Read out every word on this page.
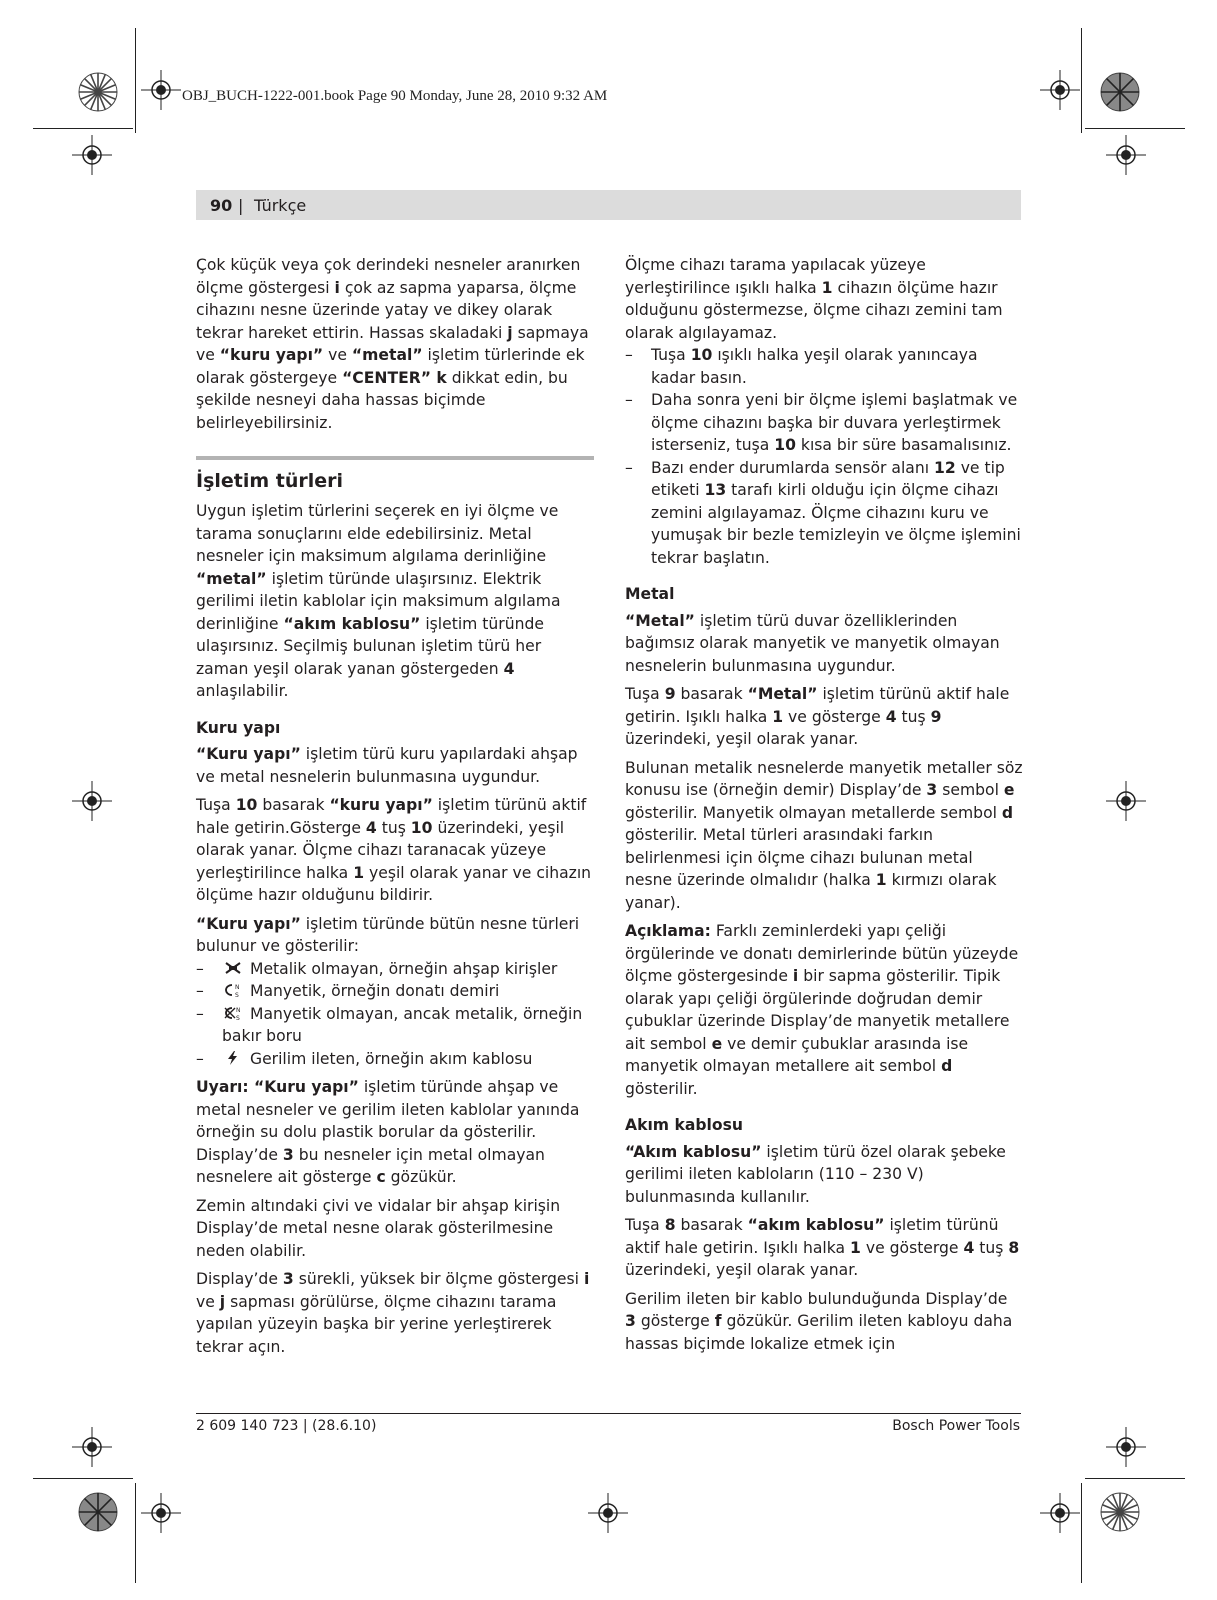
OBJ_BUCH-1222-001.book Page 90 Monday, June 28, 2010 9:32 AM
90 | Türkçe

Çok küçük veya çok derindeki nesneler aranırken ölçme göstergesi i çok az sapma yaparsa, ölçme cihazını nesne üzerinde yatay ve dikey olarak tekrar hareket ettirin. Hassas skaladaki j sapmaya ve “kuru yapı” ve “metal” işletim türlerinde ek olarak göstergeye “CENTER” k dikkat edin, bu şekilde nesneyi daha hassas biçimde belirleyebilirsiniz.

İşletim türleri

Uygun işletim türlerini seçerek en iyi ölçme ve tarama sonuçlarını elde edebilirsiniz. Metal nesneler için maksimum algılama derinliğine “metal” işletim türünde ulaşırsınız. Elektrik gerilimi iletin kablolar için maksimum algılama derinliğine “akım kablosu” işletim türünde ulaşırsınız. Seçilmiş bulunan işletim türü her zaman yeşil olarak yanan göstergeden 4 anlaşılabilir.

Kuru yapı

“Kuru yapı” işletim türü kuru yapılardaki ahşap ve metal nesnelerin bulunmasına uygundur.

Tuşa 10 basarak “kuru yapı” işletim türünü aktif hale getirin.Gösterge 4 tuş 10 üzerindeki, yeşil olarak yanar. Ölçme cihazı taranacak yüzeye yerleştirilince halka 1 yeşil olarak yanar ve cihazın ölçüme hazır olduğunu bildirir.

“Kuru yapı” işletim türünde bütün nesne türleri bulunur ve gösterilir:

– Metalik olmayan, örneğin ahşap kirişler
– N
S Manyetik, örneğin donatı demiri
– N
S Manyetik olmayan, ancak metalik, örneğin bakır boru
– Gerilim ileten, örneğin akım kablosu

Uyarı: “Kuru yapı” işletim türünde ahşap ve metal nesneler ve gerilim ileten kablolar yanında örneğin su dolu plastik borular da gösterilir. Display’de 3 bu nesneler için metal olmayan nesnelere ait gösterge c gözükür.

Zemin altındaki çivi ve vidalar bir ahşap kirişin Display’de metal nesne olarak gösterilmesine neden olabilir.

Display’de 3 sürekli, yüksek bir ölçme göstergesi i ve j sapması görülürse, ölçme cihazını tarama yapılan yüzeyin başka bir yerine yerleştirerek tekrar açın.

Ölçme cihazı tarama yapılacak yüzeye yerleştirilince ışıklı halka 1 cihazın ölçüme hazır olduğunu göstermezse, ölçme cihazı zemini tam olarak algılayamaz.

– Tuşa 10 ışıklı halka yeşil olarak yanıncaya kadar basın.
– Daha sonra yeni bir ölçme işlemi başlatmak ve ölçme cihazını başka bir duvara yerleştirmek isterseniz, tuşa 10 kısa bir süre basamalısınız.
– Bazı ender durumlarda sensör alanı 12 ve tip etiketi 13 tarafı kirli olduğu için ölçme cihazı zemini algılayamaz. Ölçme cihazını kuru ve yumuşak bir bezle temizleyin ve ölçme işlemini tekrar başlatın.
Metal

“Metal” işletim türü duvar özelliklerinden bağımsız olarak manyetik ve manyetik olmayan nesnelerin bulunmasına uygundur.

Tuşa 9 basarak “Metal” işletim türünü aktif hale getirin. Işıklı halka 1 ve gösterge 4 tuş 9 üzerindeki, yeşil olarak yanar.

Bulunan metalik nesnelerde manyetik metaller söz konusu ise (örneğin demir) Display’de 3 sembol e gösterilir. Manyetik olmayan metallerde sembol d gösterilir. Metal türleri arasındaki farkın belirlenmesi için ölçme cihazı bulunan metal nesne üzerinde olmalıdır (halka 1 kırmızı olarak yanar).

Açıklama: Farklı zeminlerdeki yapı çeliği örgülerinde ve donatı demirlerinde bütün yüzeyde ölçme göstergesinde i bir sapma gösterilir. Tipik olarak yapı çeliği örgülerinde doğrudan demir çubuklar üzerinde Display’de manyetik metallere ait sembol e ve demir çubuklar arasında ise manyetik olmayan metallere ait sembol d gösterilir.

Akım kablosu

“Akım kablosu” işletim türü özel olarak şebeke gerilimi ileten kabloların (110 – 230 V) bulunmasında kullanılır.

Tuşa 8 basarak “akım kablosu” işletim türünü aktif hale getirin. Işıklı halka 1 ve gösterge 4 tuş 8 üzerindeki, yeşil olarak yanar.

Gerilim ileten bir kablo bulunduğunda Display’de 3 gösterge f gözükür. Gerilim ileten kabloyu daha hassas biçimde lokalize etmek için

2 609 140 723 | (28.6.10)	Bosch Power Tools
